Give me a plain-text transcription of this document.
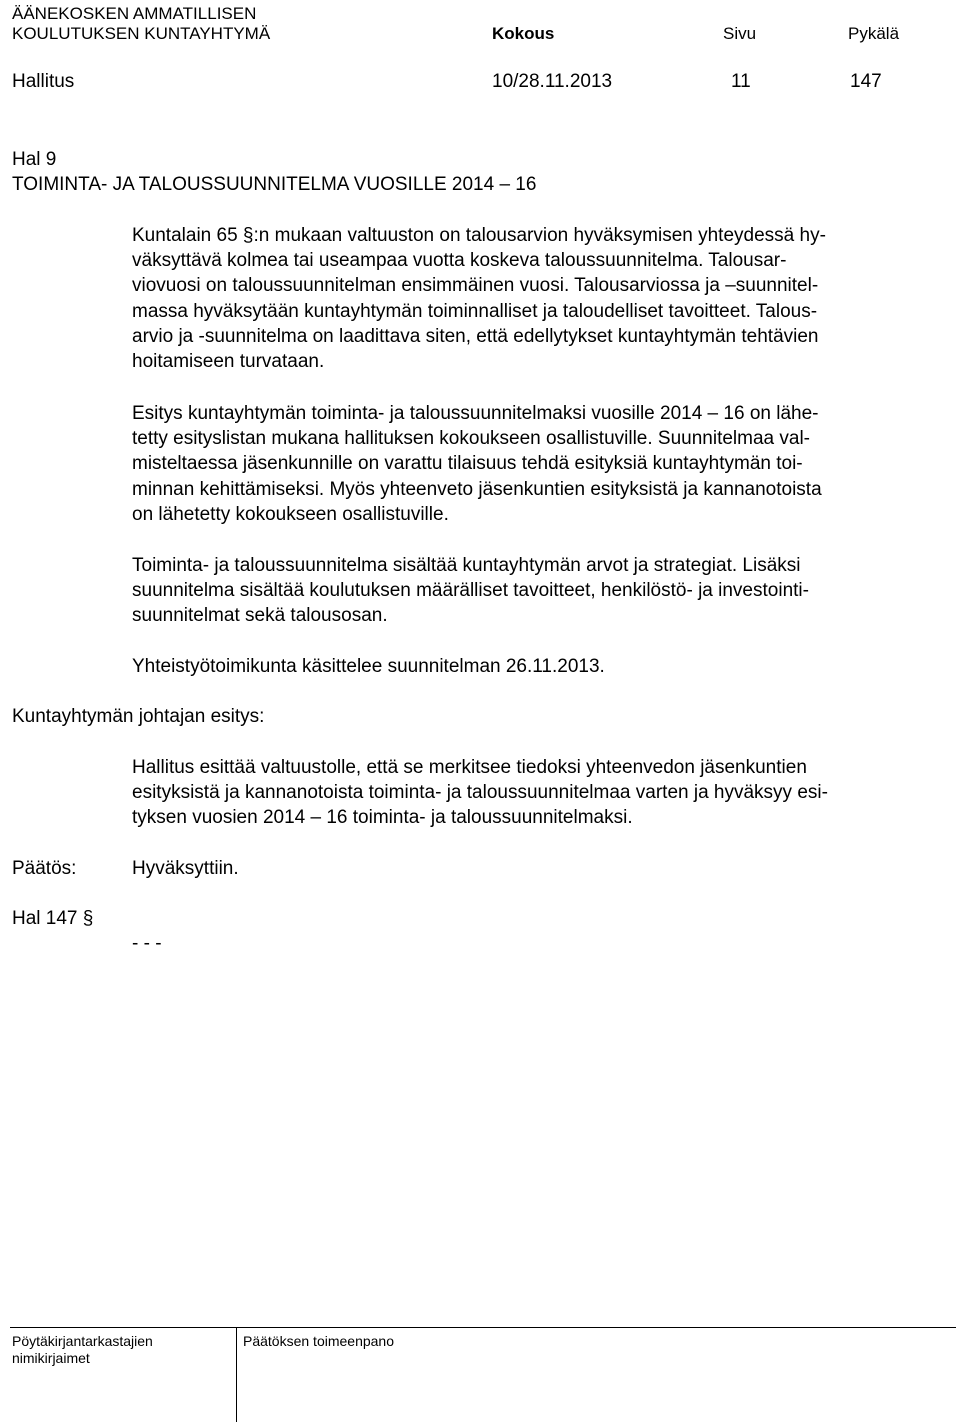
ÄÄNEKOSKEN AMMATILLISEN
KOULUTUKSEN KUNTAYHTYMÄ	Kokous	Sivu	Pykälä
Hallitus	10/28.11.2013	11	147
Hal 9
TOIMINTA- JA TALOUSSUUNNITELMA VUOSILLE 2014 – 16
Kuntalain 65 §:n mukaan valtuuston on talousarvion hyväksymisen yhteydessä hy-
väksyttävä kolmea tai useampaa vuotta koskeva taloussuunnitelma. Talousar-
viovuosi on taloussuunnitelman ensimmäinen vuosi. Talousarviossa ja –suunnitel-
massa hyväksytään kuntayhtymän toiminnalliset ja taloudelliset tavoitteet. Talous-
arvio ja -suunnitelma on laadittava siten, että edellytykset kuntayhtymän tehtävien
hoitamiseen turvataan.
Esitys kuntayhtymän toiminta- ja taloussuunnitelmaksi vuosille 2014 – 16 on lähe-
tetty esityslistan mukana hallituksen kokoukseen osallistuville. Suunnitelmaa val-
misteltaessa jäsenkunnille on varattu tilaisuus tehdä esityksiä kuntayhtymän toi-
minnan kehittämiseksi. Myös yhteenveto jäsenkuntien esityksistä ja kannanotoista
on lähetetty kokoukseen osallistuville.
Toiminta- ja taloussuunnitelma sisältää kuntayhtymän arvot ja strategiat. Lisäksi
suunnitelma sisältää koulutuksen määrälliset tavoitteet, henkilöstö- ja investointi-
suunnitelmat sekä talousosan.
Yhteistyötoimikunta käsittelee suunnitelman 26.11.2013.
Kuntayhtymän johtajan esitys:
Hallitus esittää valtuustolle, että se merkitsee tiedoksi yhteenvedon jäsenkuntien
esityksistä ja kannanotoista toiminta- ja taloussuunnitelmaa varten ja hyväksyy esi-
tyksen vuosien 2014 – 16 toiminta- ja taloussuunnitelmaksi.
Päätös:	Hyväksyttiin.
Hal 147 §
- - -
Pöytäkirjantarkastajien
nimikirjaimet
Päätöksen toimeenpano
